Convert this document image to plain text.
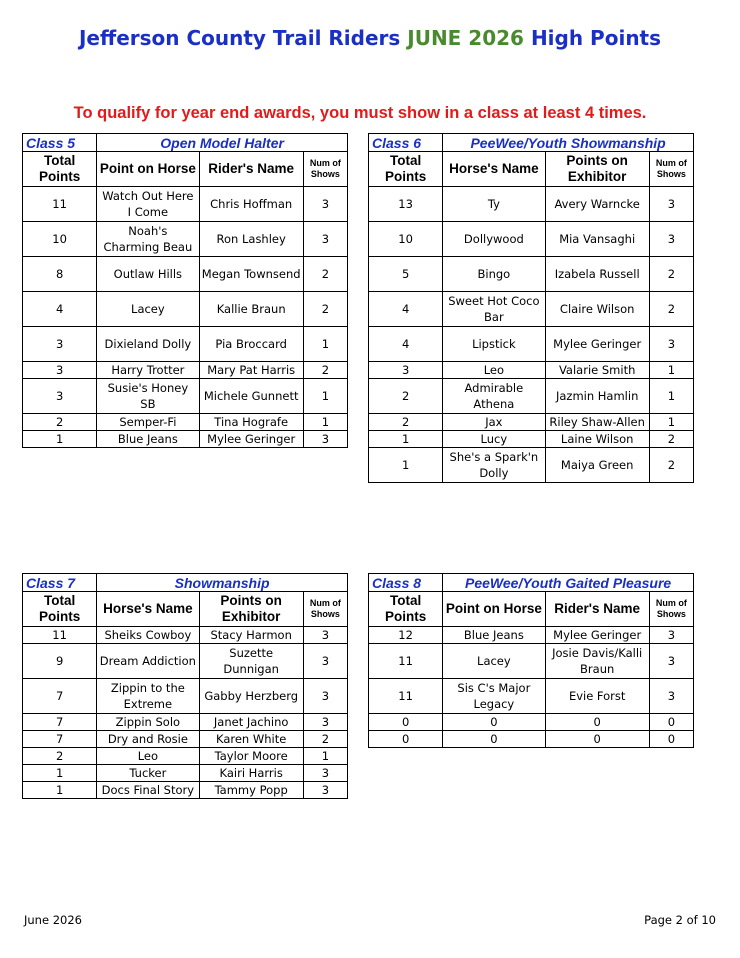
Jefferson County Trail Riders JUNE 2026 High Points
To qualify for year end awards, you must show in a class at least 4 times.
Class 5	Open Model Halter		
Total Points	Point on Horse	Rider's Name	Num of Shows
11	Watch Out Here I Come	Chris Hoffman	3
10	Noah's Charming Beau	Ron Lashley	3
8	Outlaw Hills	Megan Townsend	2
4	Lacey	Kallie Braun	2
3	Dixieland Dolly	Pia Broccard	1
3	Harry Trotter	Mary Pat Harris	2
3	Susie's Honey SB	Michele Gunnett	1
2	Semper-Fi	Tina Hografe	1
1	Blue Jeans	Mylee Geringer	3
Class 6	PeeWee/Youth Showmanship		
Total Points	Horse's Name	Points on Exhibitor	Num of Shows
13	Ty	Avery Warncke	3
10	Dollywood	Mia Vansaghi	3
5	Bingo	Izabela Russell	2
4	Sweet Hot Coco Bar	Claire Wilson	2
4	Lipstick	Mylee Geringer	3
3	Leo	Valarie Smith	1
2	Admirable Athena	Jazmin Hamlin	1
2	Jax	Riley Shaw-Allen	1
1	Lucy	Laine Wilson	2
1	She's a Spark'n Dolly	Maiya Green	2
Class 7	Showmanship		
Total Points	Horse's Name	Points on Exhibitor	Num of Shows
11	Sheiks Cowboy	Stacy Harmon	3
9	Dream Addiction	Suzette Dunnigan	3
7	Zippin to the Extreme	Gabby Herzberg	3
7	Zippin Solo	Janet Jachino	3
7	Dry and Rosie	Karen White	2
2	Leo	Taylor Moore	1
1	Tucker	Kairi Harris	3
1	Docs Final Story	Tammy Popp	3
Class 8	PeeWee/Youth Gaited Pleasure		
Total Points	Point on Horse	Rider's Name	Num of Shows
12	Blue Jeans	Mylee Geringer	3
11	Lacey	Josie Davis/Kalli Braun	3
11	Sis C's Major Legacy	Evie Forst	3
0	0	0	0
0	0	0	0
June 2026	Page 2 of 10
